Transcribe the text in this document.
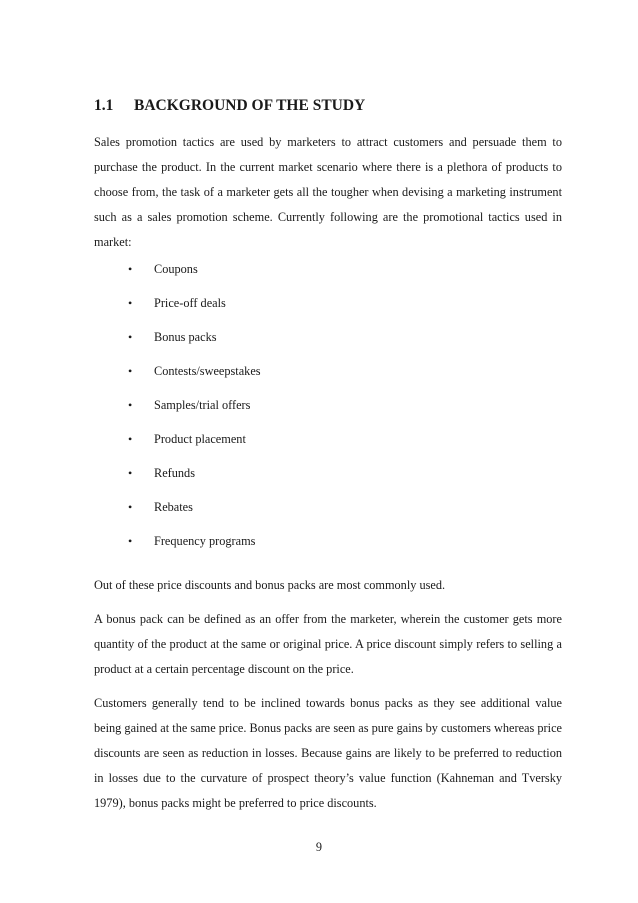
1.1	BACKGROUND OF THE STUDY

Sales promotion tactics are used by marketers to attract customers and persuade them to purchase the product. In the current market scenario where there is a plethora of products to choose from, the task of a marketer gets all the tougher when devising a marketing instrument such as a sales promotion scheme. Currently following are the promotional tactics used in market:

•	Coupons
•	Price-off deals
•	Bonus packs
•	Contests/sweepstakes
•	Samples/trial offers
•	Product placement
•	Refunds
•	Rebates
•	Frequency programs

Out of these price discounts and bonus packs are most commonly used.

A bonus pack can be defined as an offer from the marketer, wherein the customer gets more quantity of the product at the same or original price. A price discount simply refers to selling a product at a certain percentage discount on the price.

Customers generally tend to be inclined towards bonus packs as they see additional value being gained at the same price. Bonus packs are seen as pure gains by customers whereas price discounts are seen as reduction in losses. Because gains are likely to be preferred to reduction in losses due to the curvature of prospect theory’s value function (Kahneman and Tversky 1979), bonus packs might be preferred to price discounts.

9
